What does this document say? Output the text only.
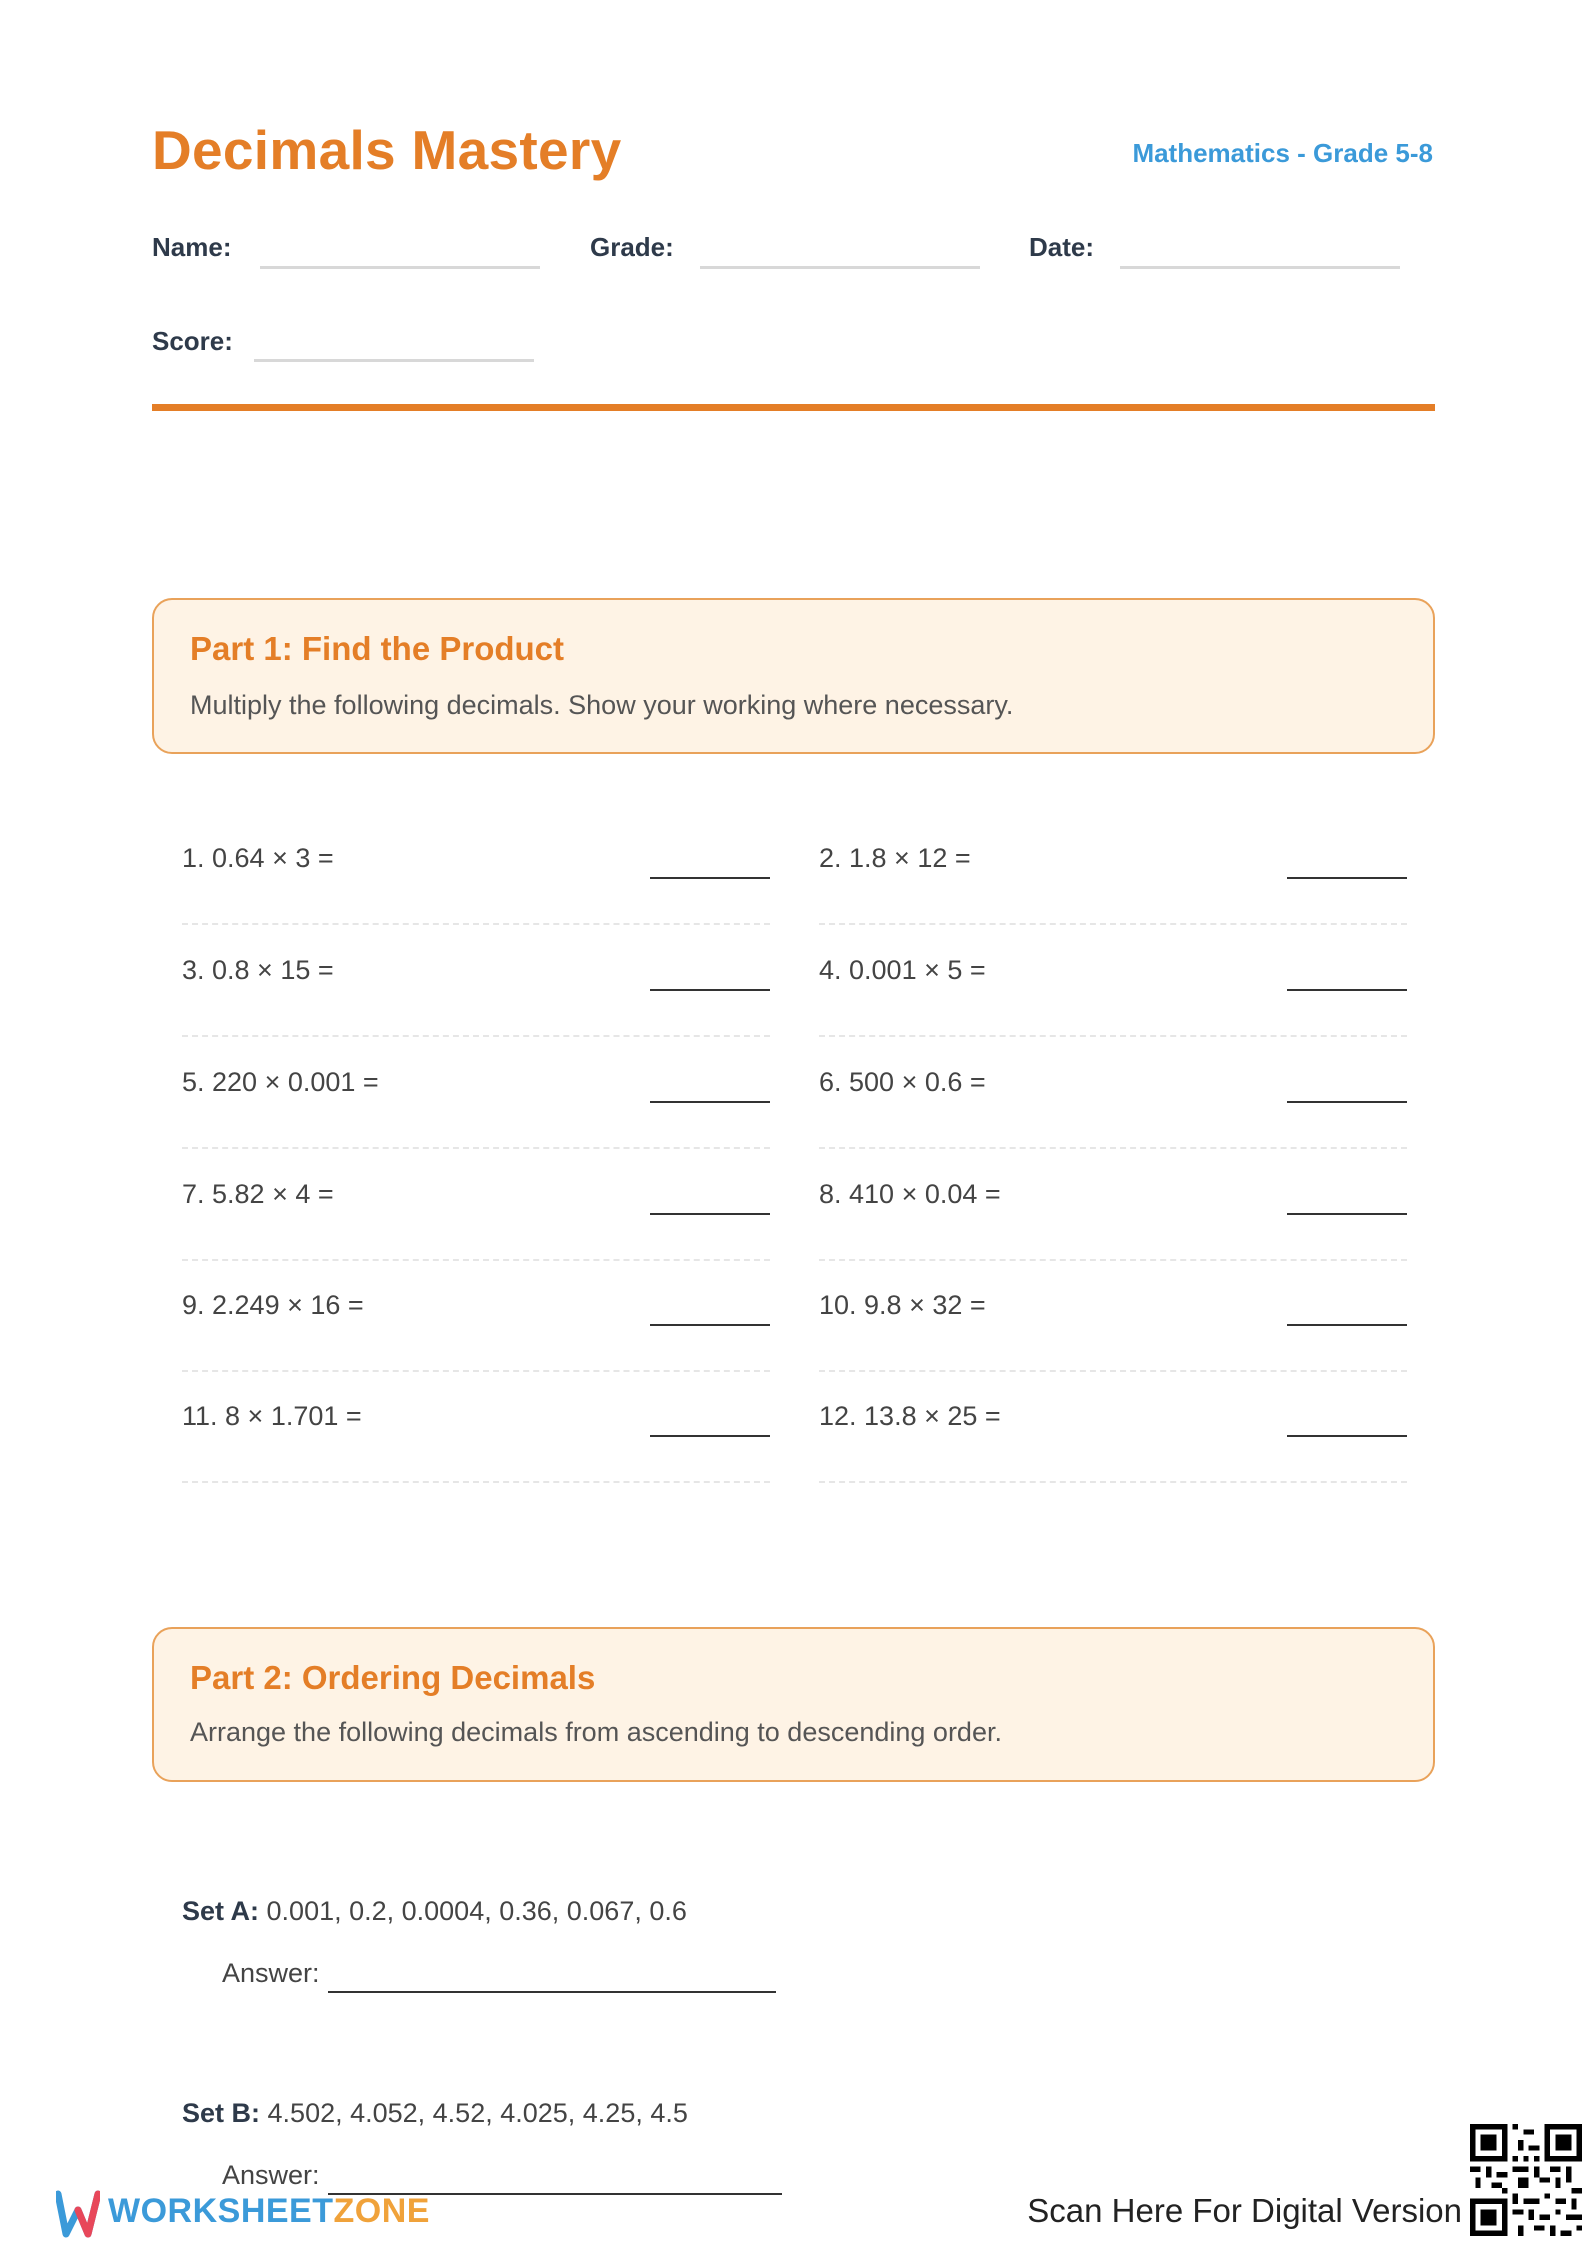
Decimals Mastery	Mathematics - Grade 5-8
Name:	Grade:	Date:
Score:
Part 1: Find the Product
Multiply the following decimals. Show your working where necessary.
1. 0.64 × 3 =	2. 1.8 × 12 =
3. 0.8 × 15 =	4. 0.001 × 5 =
5. 220 × 0.001 =	6. 500 × 0.6 =
7. 5.82 × 4 =	8. 410 × 0.04 =
9. 2.249 × 16 =	10. 9.8 × 32 =
11. 8 × 1.701 =	12. 13.8 × 25 =
Part 2: Ordering Decimals
Arrange the following decimals from ascending to descending order.
Set A: 0.001, 0.2, 0.0004, 0.36, 0.067, 0.6
Answer:
Set B: 4.502, 4.052, 4.52, 4.025, 4.25, 4.5
Answer:
WORKSHEETZONE	Scan Here For Digital Version
